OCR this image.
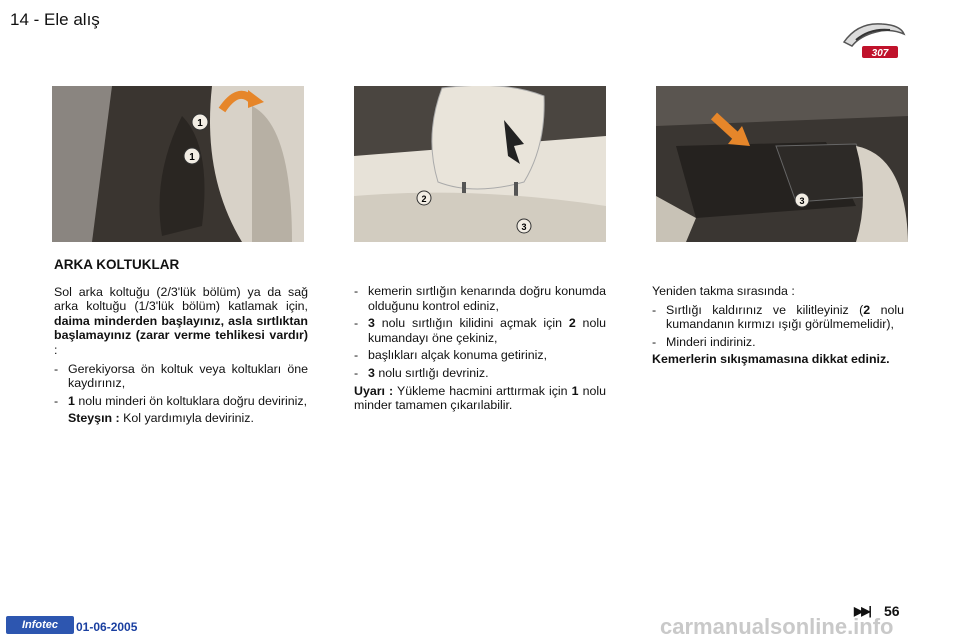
14 - Ele alış
307
1
1
2
3
3
ARKA KOLTUKLAR

Sol arka koltuğu (2/3'lük bölüm) ya da sağ arka koltuğu (1/3'lük bölüm) katlamak için, daima minderden başlayınız, asla sırtlıktan başlamayınız (zarar verme tehlikesi vardır) :

- Gerekiyorsa ön koltuk veya koltukları öne kaydırınız,
- 1 nolu minderi ön koltuklara doğru deviriniz,
Steyşın : Kol yardımıyla deviriniz.
- kemerin sırtlığın kenarında doğru konumda olduğunu kontrol ediniz,
- 3 nolu sırtlığın kilidini açmak için 2 nolu kumandayı öne çekiniz,
- başlıkları alçak konuma getiriniz,
- 3 nolu sırtlığı devriniz.

Uyarı : Yükleme hacmini arttırmak için 1 nolu minder tamamen çıkarılabilir.

Yeniden takma sırasında :

- Sırtlığı kaldırınız ve kilitleyiniz (2 nolu kumandanın kırmızı ışığı görülmemelidir),
- Minderi indiriniz.

Kemerlerin sıkışmamasına dikkat ediniz.

carmanualsonline.info
Infotec	01-06-2005
▶▶| 56
